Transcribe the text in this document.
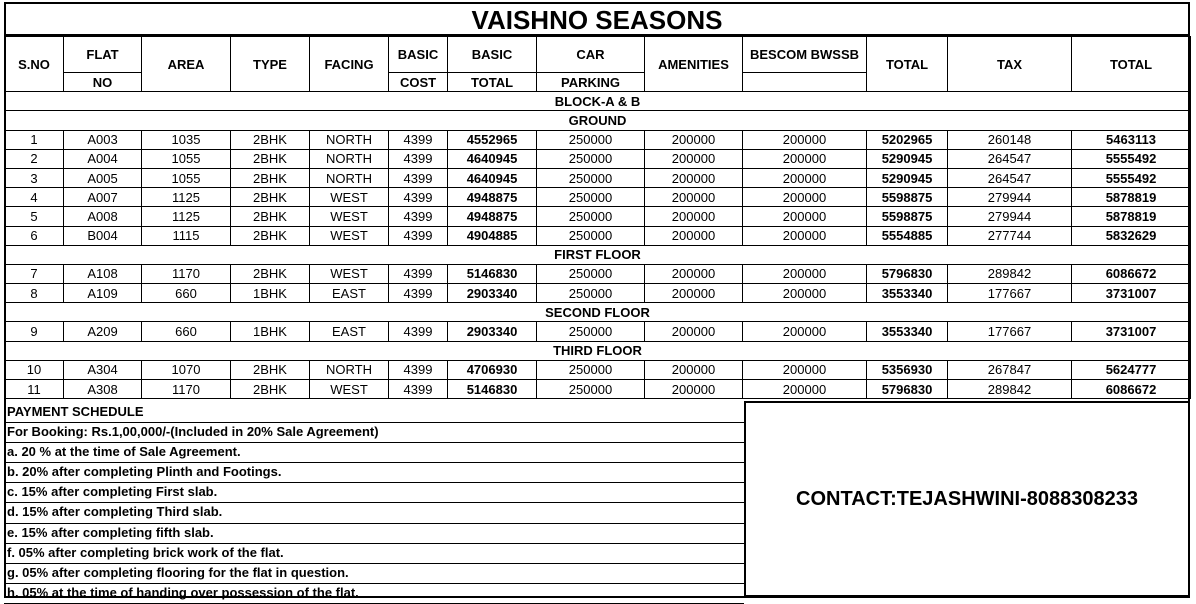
VAISHNO SEASONS
S.NO	FLAT	AREA	TYPE	FACING	BASIC	BASIC	CAR	AMENITIES	BESCOM BWSSB	TOTAL	TAX	TOTAL
	NO				COST	TOTAL	PARKING					
BLOCK-A & B												
GROUND												
1	A003	1035	2BHK	NORTH	4399	4552965	250000	200000	200000	5202965	260148	5463113
2	A004	1055	2BHK	NORTH	4399	4640945	250000	200000	200000	5290945	264547	5555492
3	A005	1055	2BHK	NORTH	4399	4640945	250000	200000	200000	5290945	264547	5555492
4	A007	1125	2BHK	WEST	4399	4948875	250000	200000	200000	5598875	279944	5878819
5	A008	1125	2BHK	WEST	4399	4948875	250000	200000	200000	5598875	279944	5878819
6	B004	1115	2BHK	WEST	4399	4904885	250000	200000	200000	5554885	277744	5832629
FIRST FLOOR												
7	A108	1170	2BHK	WEST	4399	5146830	250000	200000	200000	5796830	289842	6086672
8	A109	660	1BHK	EAST	4399	2903340	250000	200000	200000	3553340	177667	3731007
SECOND FLOOR												
9	A209	660	1BHK	EAST	4399	2903340	250000	200000	200000	3553340	177667	3731007
THIRD FLOOR												
10	A304	1070	2BHK	NORTH	4399	4706930	250000	200000	200000	5356930	267847	5624777
11	A308	1170	2BHK	WEST	4399	5146830	250000	200000	200000	5796830	289842	6086672
PAYMENT SCHEDULE
For Booking: Rs.1,00,000/-(Included in 20% Sale Agreement)
a. 20 % at the time of Sale Agreement.
b. 20% after completing Plinth and Footings.
c. 15% after completing First slab.
d. 15% after completing Third slab.
e. 15% after completing fifth slab.
f. 05% after completing brick work of the flat.
g. 05% after completing flooring for the flat in question.
h. 05% at the time of handing over possession of the flat.
CONTACT:TEJASHWINI-8088308233
